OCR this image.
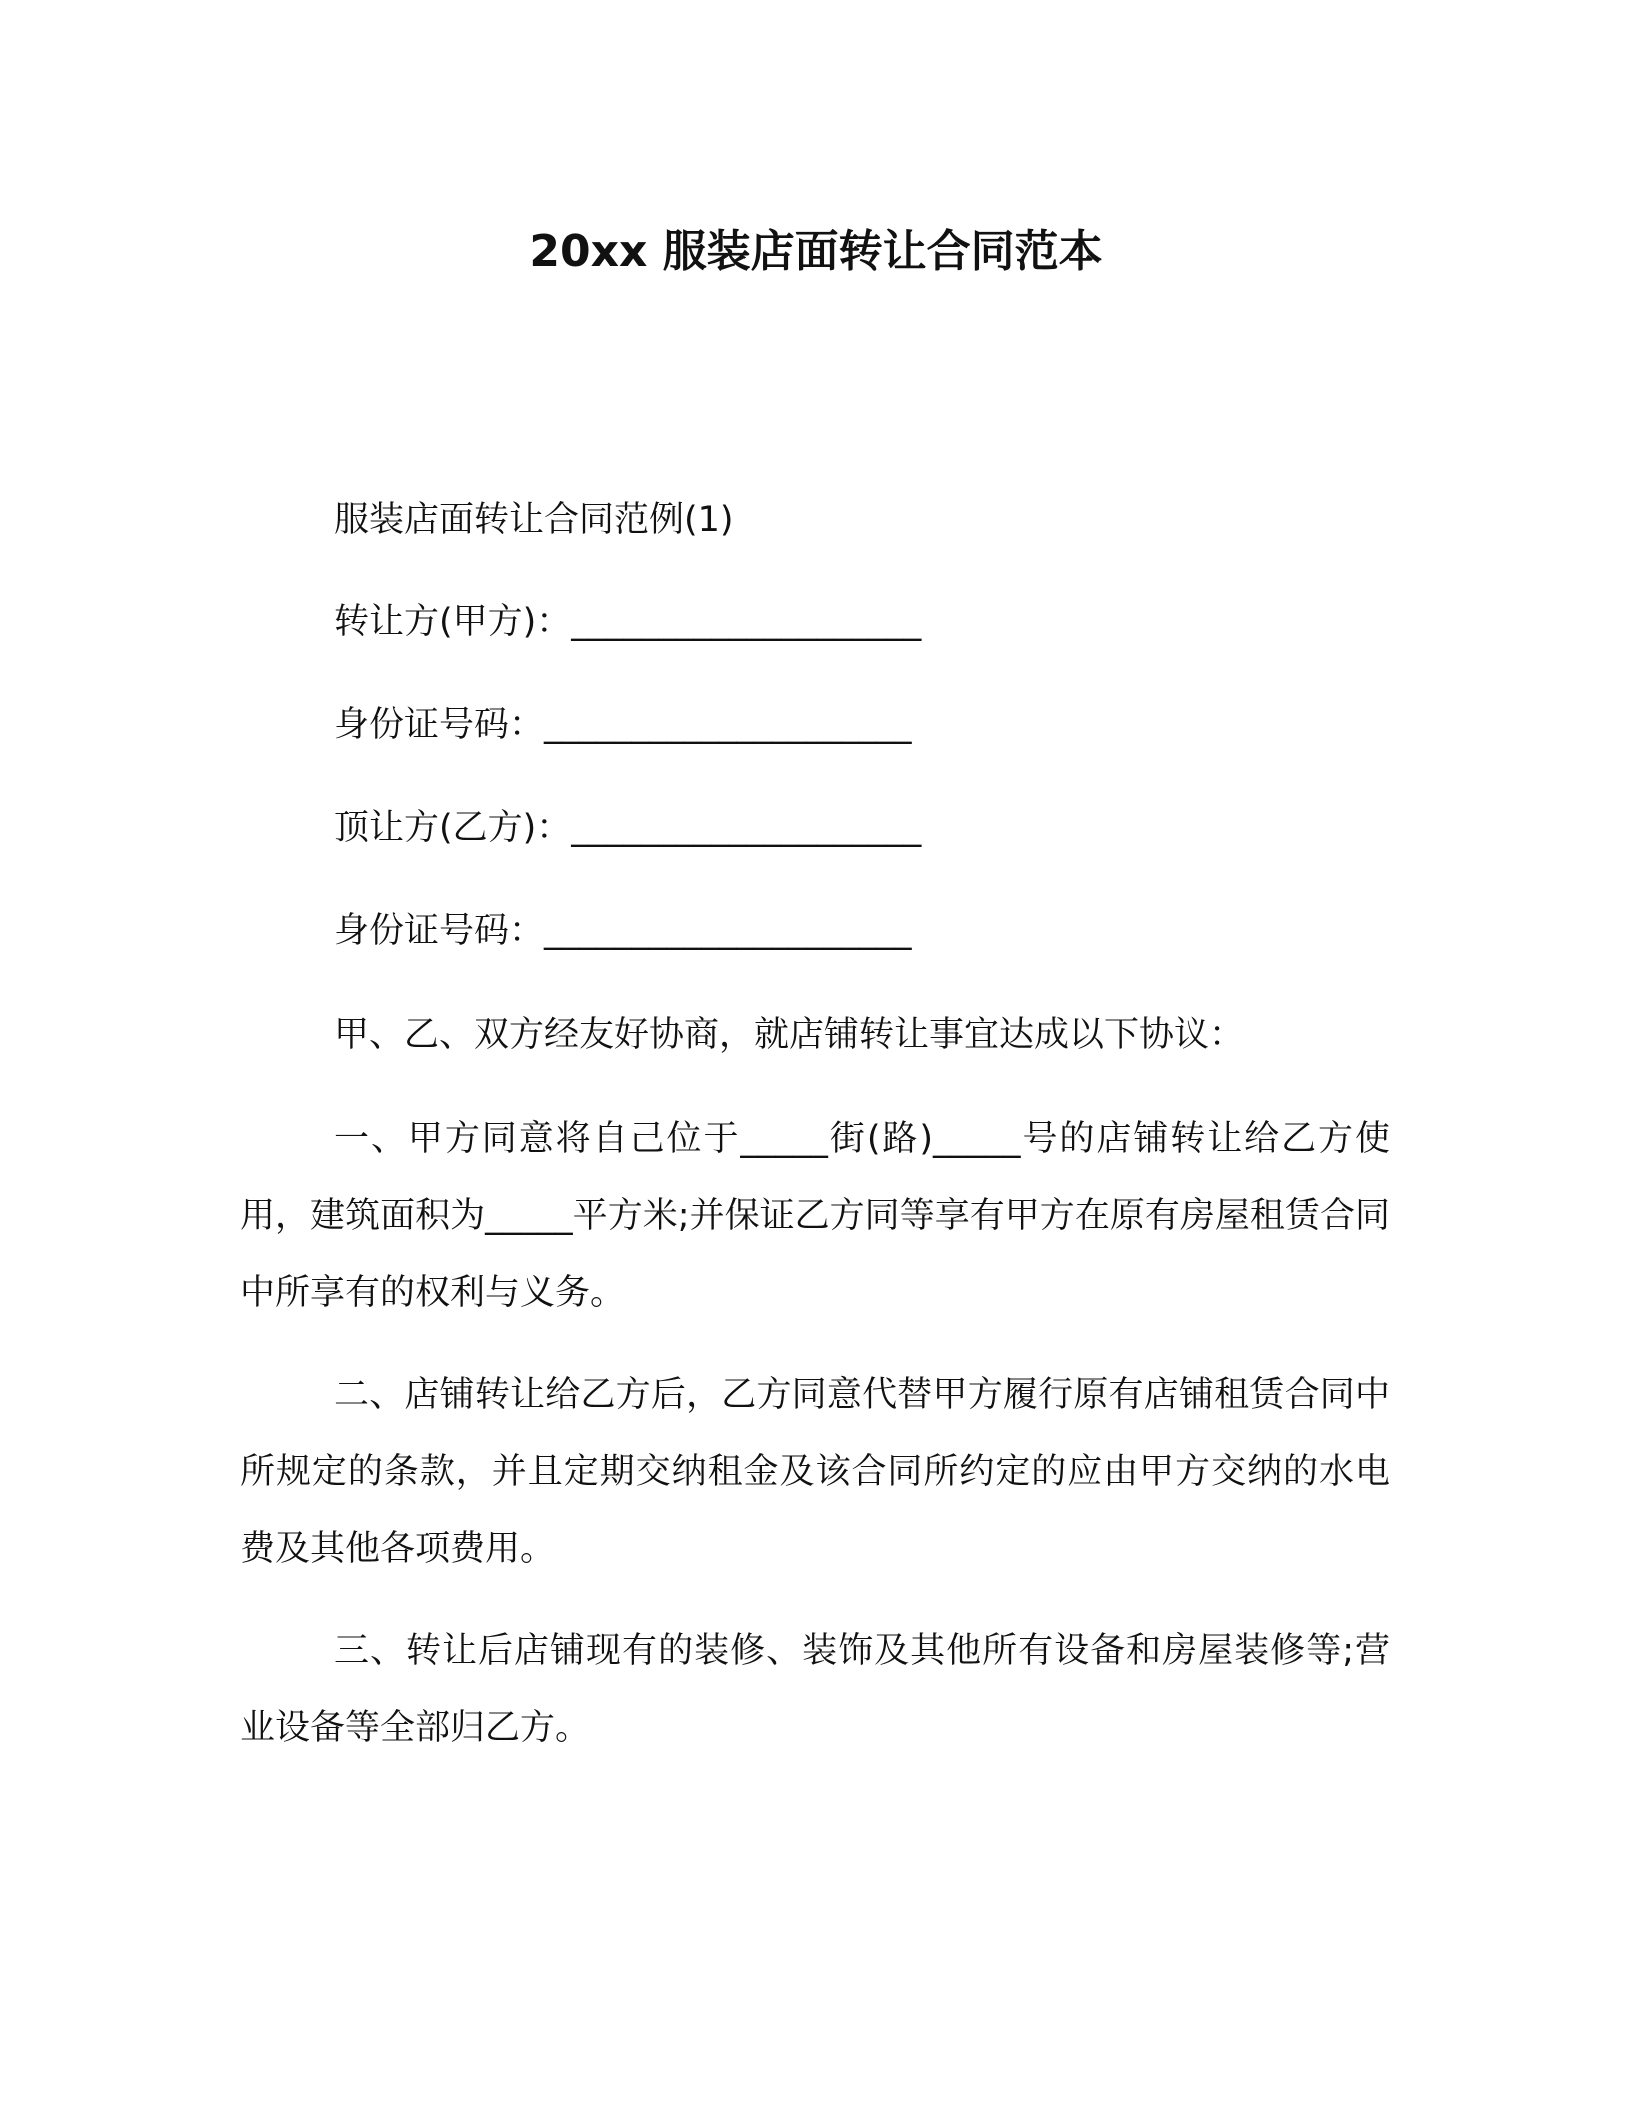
20xx 服装店面转让合同范本
服装店面转让合同范例(1)
转让方(甲方)：____________________
身份证号码：_____________________
顶让方(乙方)：____________________
身份证号码：_____________________
甲、乙、双方经友好协商，就店铺转让事宜达成以下协议：
一、甲方同意将自己位于_____街(路)_____号的店铺转让给乙方使用，建筑面积为_____平方米;并保证乙方同等享有甲方在原有房屋租赁合同中所享有的权利与义务。
二、店铺转让给乙方后，乙方同意代替甲方履行原有店铺租赁合同中所规定的条款，并且定期交纳租金及该合同所约定的应由甲方交纳的水电费及其他各项费用。
三、转让后店铺现有的装修、装饰及其他所有设备和房屋装修等;营业设备等全部归乙方。
